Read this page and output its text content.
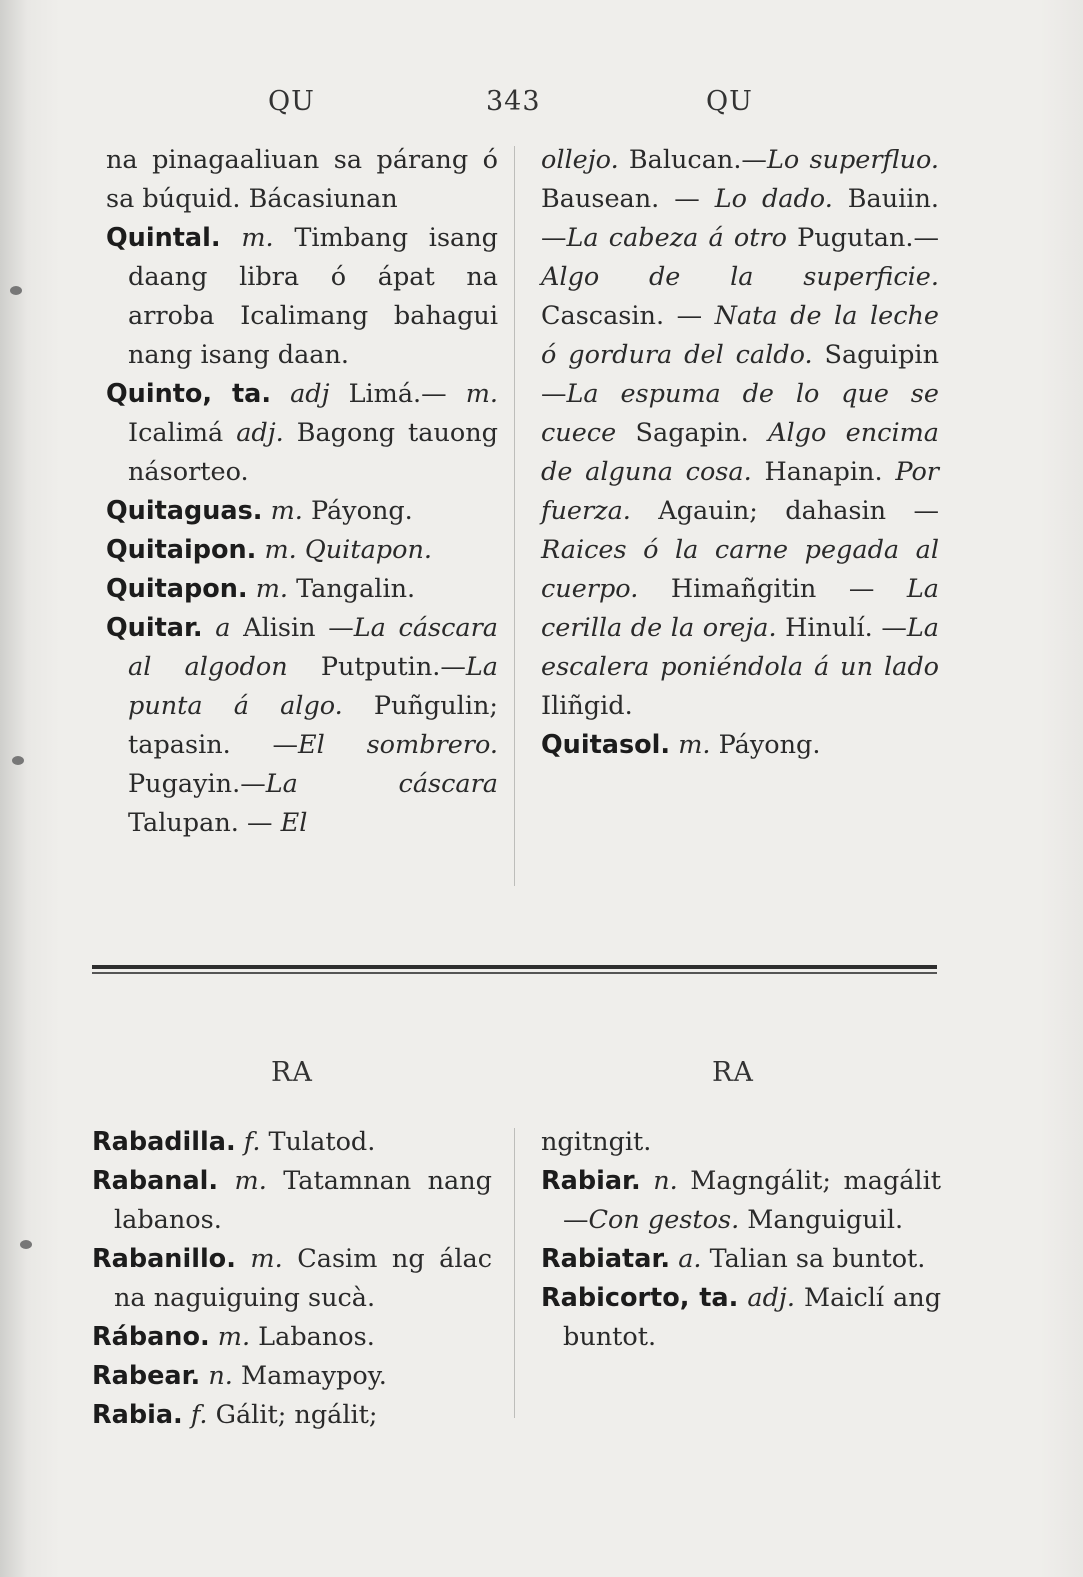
QU	343	QU

na pinagaaliuan sa párang ó sa búquid. Bácasiunan

Quintal. m. Timbang isang daang libra ó ápat na arroba Icalimang bahagui nang isang daan.

Quinto, ta. adj Limá.— m. Icalimá adj. Bagong tauong násorteo.

Quitaguas. m. Páyong.

Quitaipon. m. Quitapon.

Quitapon. m. Tangalin.

Quitar. a Alisin —La cáscara al algodon Putputin.—La punta á algo. Puñgulin; tapasin. —El sombrero. Pugayin.—La cáscara Talupan. — El

ollejo. Balucan.—Lo superfluo. Bausean. — Lo dado. Bauiin. —La cabeza á otro Pugutan.— Algo de la superficie. Cascasin. — Nata de la leche ó gordura del caldo. Saguipin —La espuma de lo que se cuece Sagapin. Algo encima de alguna cosa. Hanapin. Por fuerza. Agauin; dahasin — Raices ó la carne pegada al cuerpo. Himañgitin — La cerilla de la oreja. Hinulí. —La escalera poniéndola á un lado Iliñgid.

Quitasol. m. Páyong.

RA	RA

Rabadilla. f. Tulatod.

Rabanal. m. Tatamnan nang labanos.

Rabanillo. m. Casim ng álac na naguiguing sucà.

Rábano. m. Labanos.

Rabear. n. Mamaypoy.

Rabia. f. Gálit; ngálit;

ngitngit.

Rabiar. n. Magngálit; magálit —Con gestos. Manguiguil.

Rabiatar. a. Talian sa buntot.

Rabicorto, ta. adj. Maiclí ang buntot.
